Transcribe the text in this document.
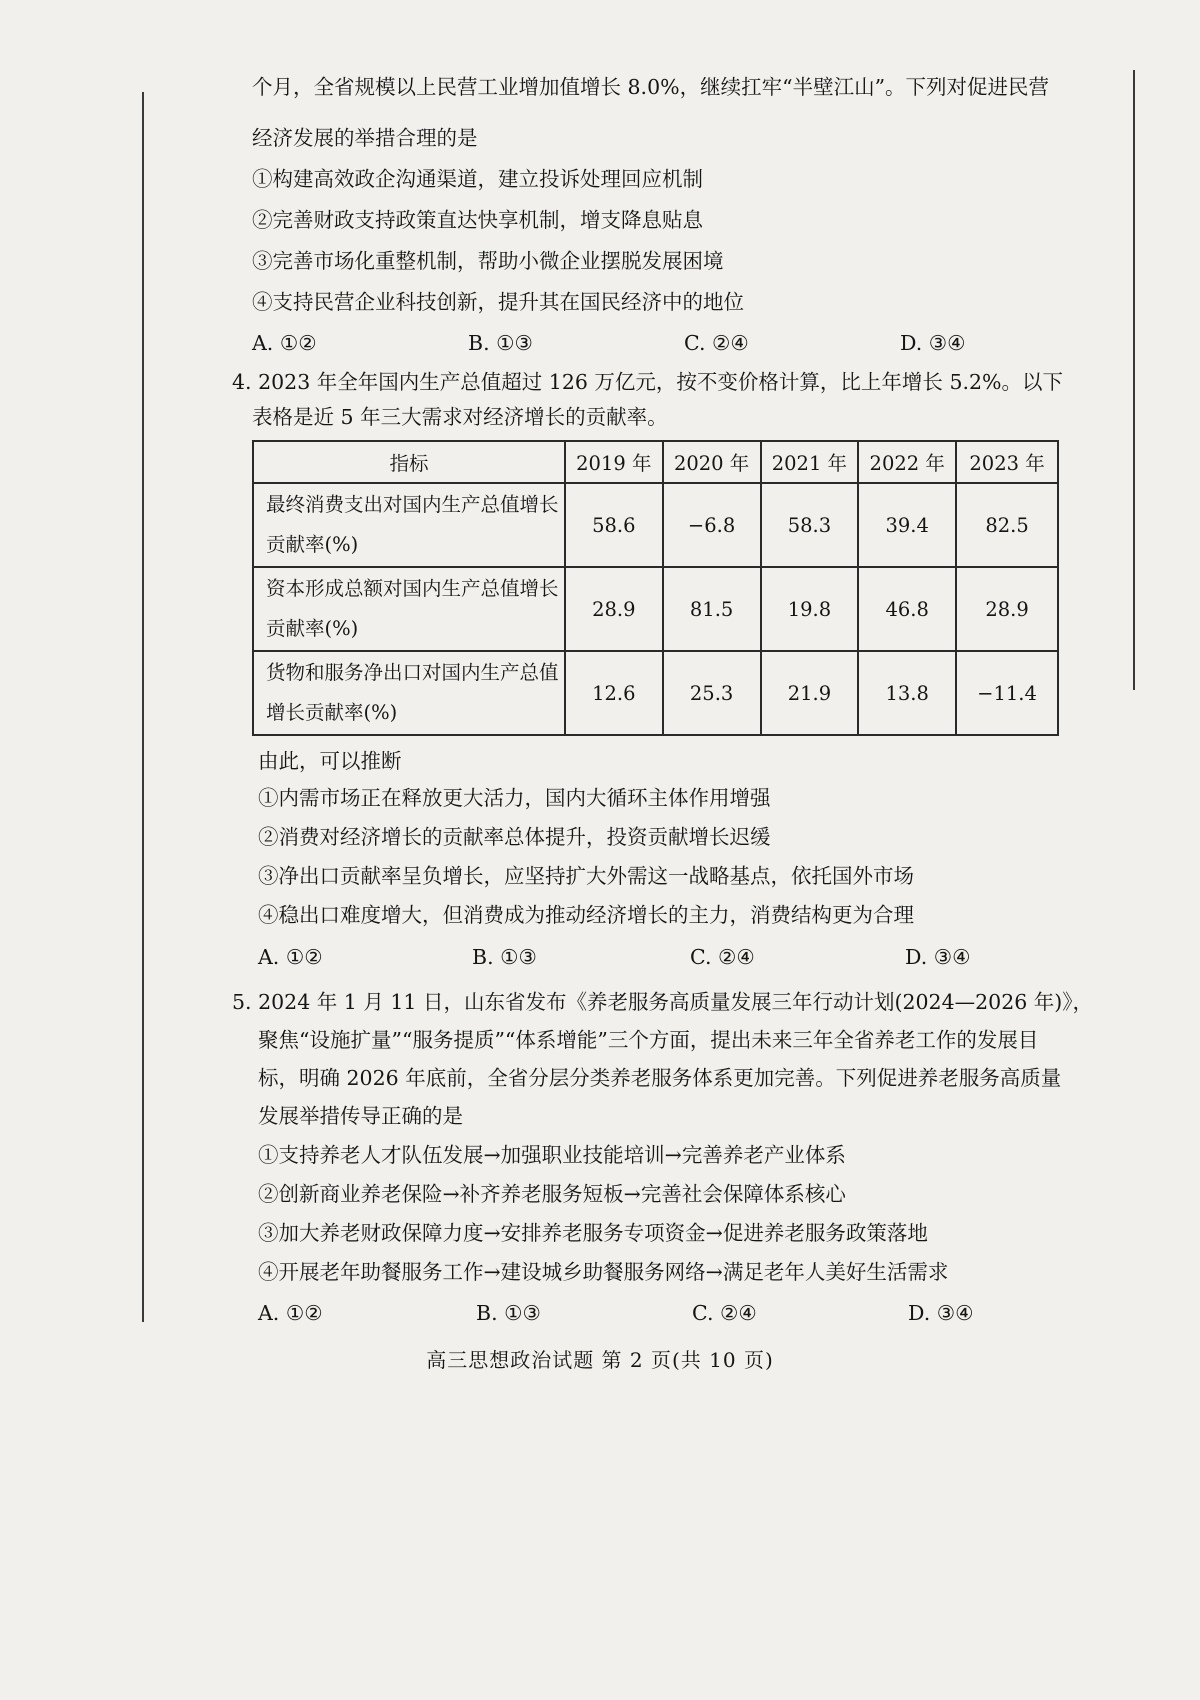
个月，全省规模以上民营工业增加值增长 8.0%，继续扛牢“半壁江山”。下列对促进民营
经济发展的举措合理的是
①构建高效政企沟通渠道，建立投诉处理回应机制
②完善财政支持政策直达快享机制，增支降息贴息
③完善市场化重整机制，帮助小微企业摆脱发展困境
④支持民营企业科技创新，提升其在国民经济中的地位
A. ①②	B. ①③	C. ②④	D. ③④
4. 2023 年全年国内生产总值超过 126 万亿元，按不变价格计算，比上年增长 5.2%。以下
表格是近 5 年三大需求对经济增长的贡献率。
指标	2019 年	2020 年	2021 年	2022 年	2023 年
最终消费支出对国内生产总值增长贡献率(%)	58.6	−6.8	58.3	39.4	82.5
资本形成总额对国内生产总值增长贡献率(%)	28.9	81.5	19.8	46.8	28.9
货物和服务净出口对国内生产总值增长贡献率(%)	12.6	25.3	21.9	13.8	−11.4
由此，可以推断
①内需市场正在释放更大活力，国内大循环主体作用增强
②消费对经济增长的贡献率总体提升，投资贡献增长迟缓
③净出口贡献率呈负增长，应坚持扩大外需这一战略基点，依托国外市场
④稳出口难度增大，但消费成为推动经济增长的主力，消费结构更为合理
A. ①②	B. ①③	C. ②④	D. ③④
5. 2024 年 1 月 11 日，山东省发布《养老服务高质量发展三年行动计划(2024—2026 年)》，
聚焦“设施扩量”“服务提质”“体系增能”三个方面，提出未来三年全省养老工作的发展目
标，明确 2026 年底前，全省分层分类养老服务体系更加完善。下列促进养老服务高质量
发展举措传导正确的是
①支持养老人才队伍发展→加强职业技能培训→完善养老产业体系
②创新商业养老保险→补齐养老服务短板→完善社会保障体系核心
③加大养老财政保障力度→安排养老服务专项资金→促进养老服务政策落地
④开展老年助餐服务工作→建设城乡助餐服务网络→满足老年人美好生活需求
A. ①②	B. ①③	C. ②④	D. ③④
高三思想政治试题 第 2 页(共 10 页)
